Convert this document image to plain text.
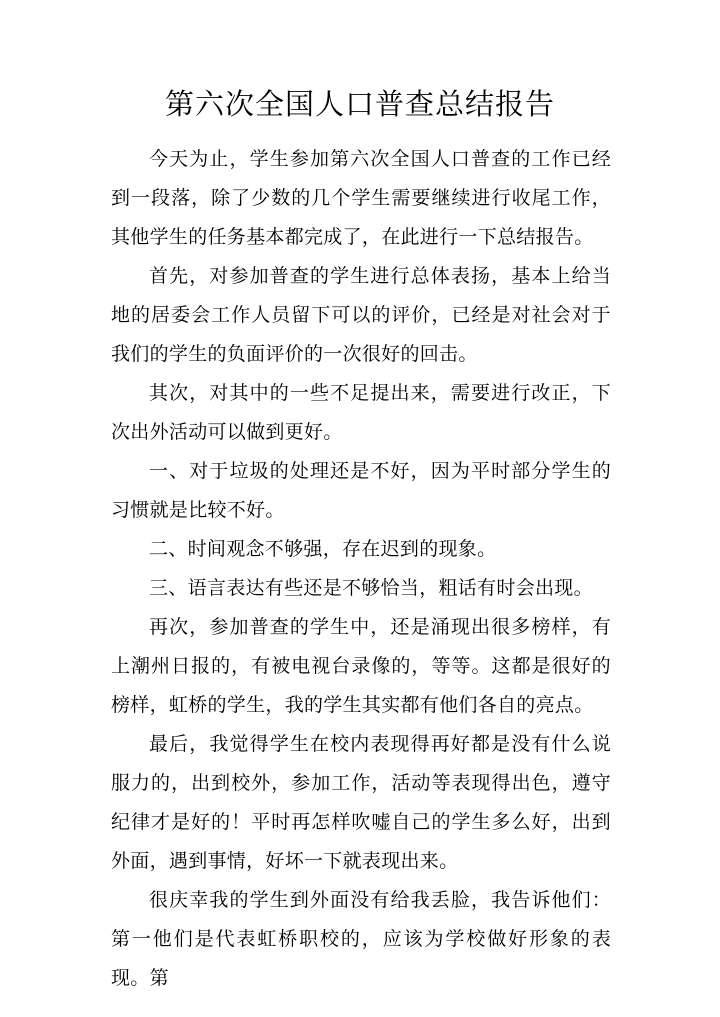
第六次全国人口普查总结报告

今天为止，学生参加第六次全国人口普查的工作已经到一段落，除了少数的几个学生需要继续进行收尾工作，其他学生的任务基本都完成了，在此进行一下总结报告。

首先，对参加普查的学生进行总体表扬，基本上给当地的居委会工作人员留下可以的评价，已经是对社会对于我们的学生的负面评价的一次很好的回击。

其次，对其中的一些不足提出来，需要进行改正，下次出外活动可以做到更好。

一、对于垃圾的处理还是不好，因为平时部分学生的习惯就是比较不好。

二、时间观念不够强，存在迟到的现象。

三、语言表达有些还是不够恰当，粗话有时会出现。

再次，参加普查的学生中，还是涌现出很多榜样，有上潮州日报的，有被电视台录像的，等等。这都是很好的榜样，虹桥的学生，我的学生其实都有他们各自的亮点。

最后，我觉得学生在校内表现得再好都是没有什么说服力的，出到校外，参加工作，活动等表现得出色，遵守纪律才是好的！平时再怎样吹嘘自己的学生多么好，出到外面，遇到事情，好坏一下就表现出来。

很庆幸我的学生到外面没有给我丢脸，我告诉他们：第一他们是代表虹桥职校的，应该为学校做好形象的表现。第
